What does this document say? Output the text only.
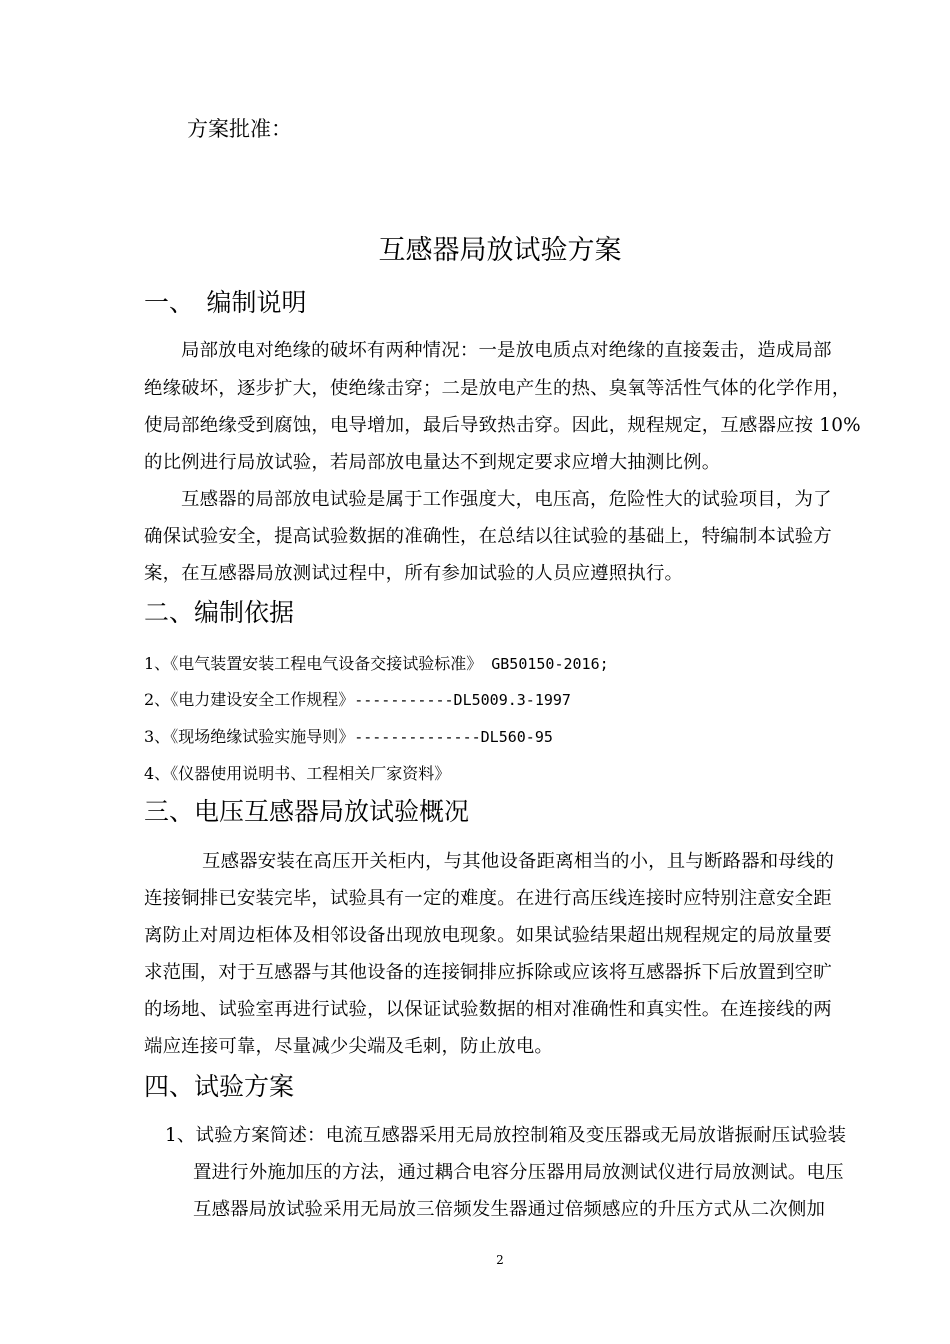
方案批准：
互感器局放试验方案
一、　编制说明
局部放电对绝缘的破坏有两种情况：一是放电质点对绝缘的直接轰击，造成局部
绝缘破坏，逐步扩大，使绝缘击穿；二是放电产生的热、臭氧等活性气体的化学作用，
使局部绝缘受到腐蚀，电导增加，最后导致热击穿。因此，规程规定，互感器应按 10%
的比例进行局放试验，若局部放电量达不到规定要求应增大抽测比例。
互感器的局部放电试验是属于工作强度大，电压高，危险性大的试验项目，为了
确保试验安全，提高试验数据的准确性，在总结以往试验的基础上，特编制本试验方
案，在互感器局放测试过程中，所有参加试验的人员应遵照执行。
二、编制依据
1、《电气装置安装工程电气设备交接试验标准》 GB50150-2016;
2、《电力建设安全工作规程》-----------DL5009.3-1997
3、《现场绝缘试验实施导则》--------------DL560-95
4、《仪器使用说明书、工程相关厂家资料》
三、电压互感器局放试验概况
互感器安装在高压开关柜内，与其他设备距离相当的小，且与断路器和母线的
连接铜排已安装完毕，试验具有一定的难度。在进行高压线连接时应特别注意安全距
离防止对周边柜体及相邻设备出现放电现象。如果试验结果超出规程规定的局放量要
求范围，对于互感器与其他设备的连接铜排应拆除或应该将互感器拆下后放置到空旷
的场地、试验室再进行试验，以保证试验数据的相对准确性和真实性。在连接线的两
端应连接可靠，尽量减少尖端及毛刺，防止放电。
四、试验方案
1、试验方案简述：电流互感器采用无局放控制箱及变压器或无局放谐振耐压试验装
置进行外施加压的方法，通过耦合电容分压器用局放测试仪进行局放测试。电压
互感器局放试验采用无局放三倍频发生器通过倍频感应的升压方式从二次侧加
2
